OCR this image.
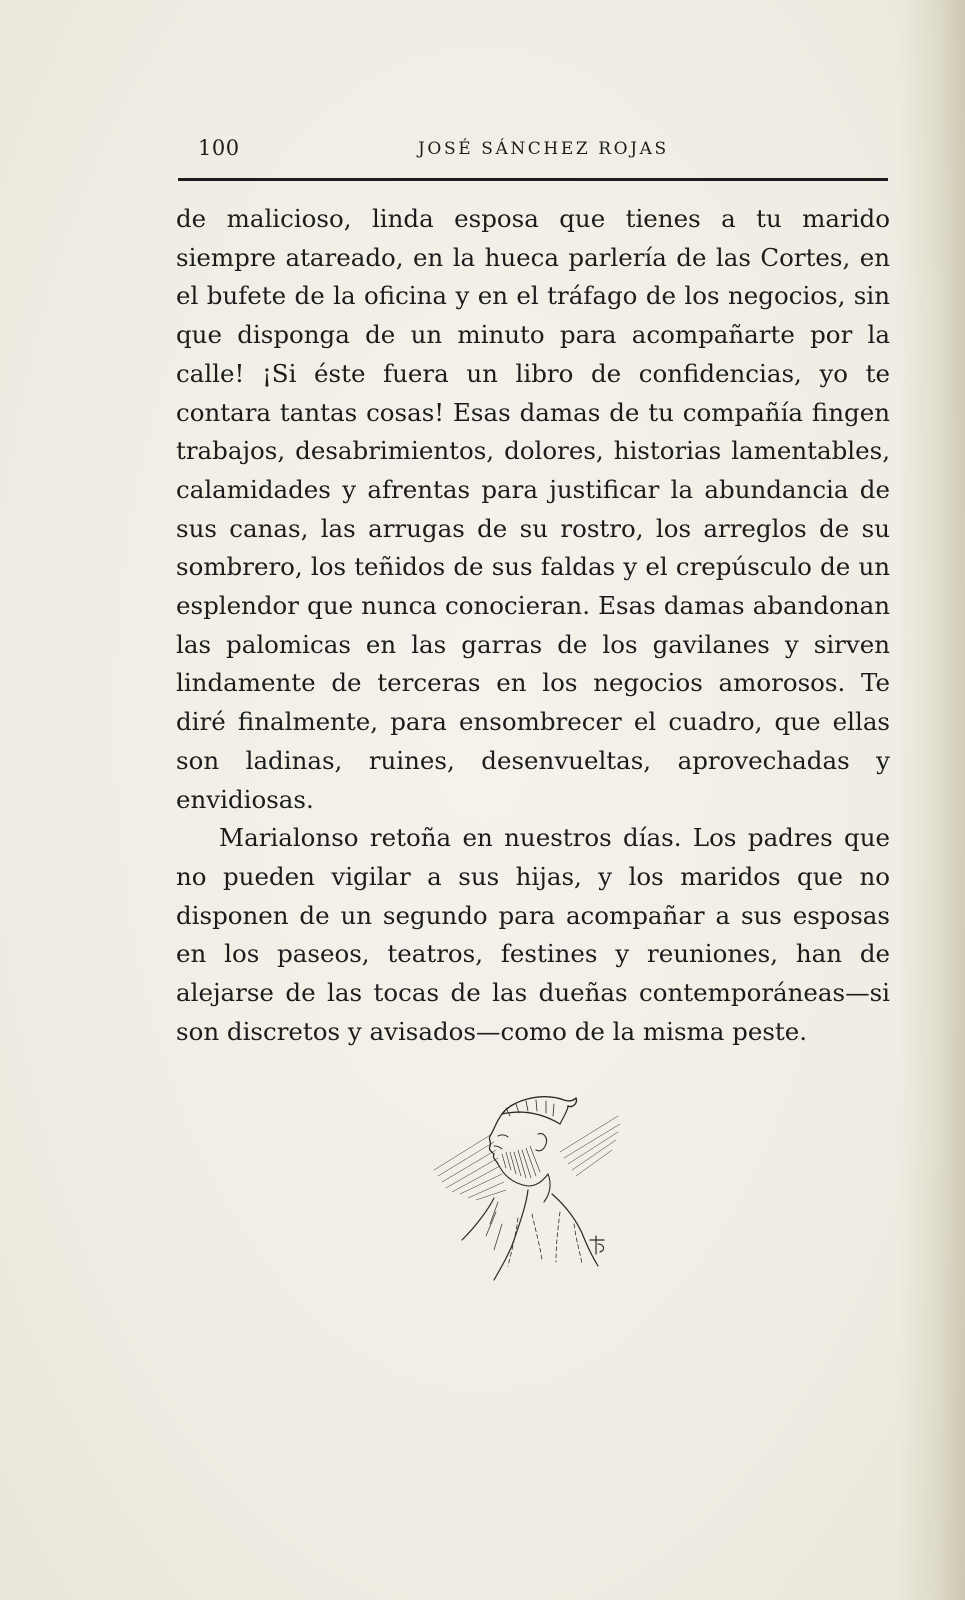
100	JOSÉ SÁNCHEZ ROJAS

de malicioso, linda esposa que tienes a tu marido siempre atareado, en la hueca parlería de las Cortes, en el bufete de la oficina y en el tráfago de los negocios, sin que disponga de un minuto para acompañarte por la calle! ¡Si éste fuera un libro de confidencias, yo te contara tantas cosas! Esas damas de tu compañía fingen trabajos, desabrimientos, dolores, historias lamentables, calamidades y afrentas para justificar la abundancia de sus canas, las arrugas de su rostro, los arreglos de su sombrero, los teñidos de sus faldas y el crepúsculo de un esplendor que nunca conocieran. Esas damas abandonan las palomicas en las garras de los gavilanes y sirven lindamente de terceras en los negocios amorosos. Te diré finalmente, para ensombrecer el cuadro, que ellas son ladinas, ruines, desenvueltas, aprovechadas y envidiosas.

Marialonso retoña en nuestros días. Los padres que no pueden vigilar a sus hijas, y los maridos que no disponen de un segundo para acompañar a sus esposas en los paseos, teatros, festines y reuniones, han de alejarse de las tocas de las dueñas contemporáneas—si son discretos y avisados—como de la misma peste.
